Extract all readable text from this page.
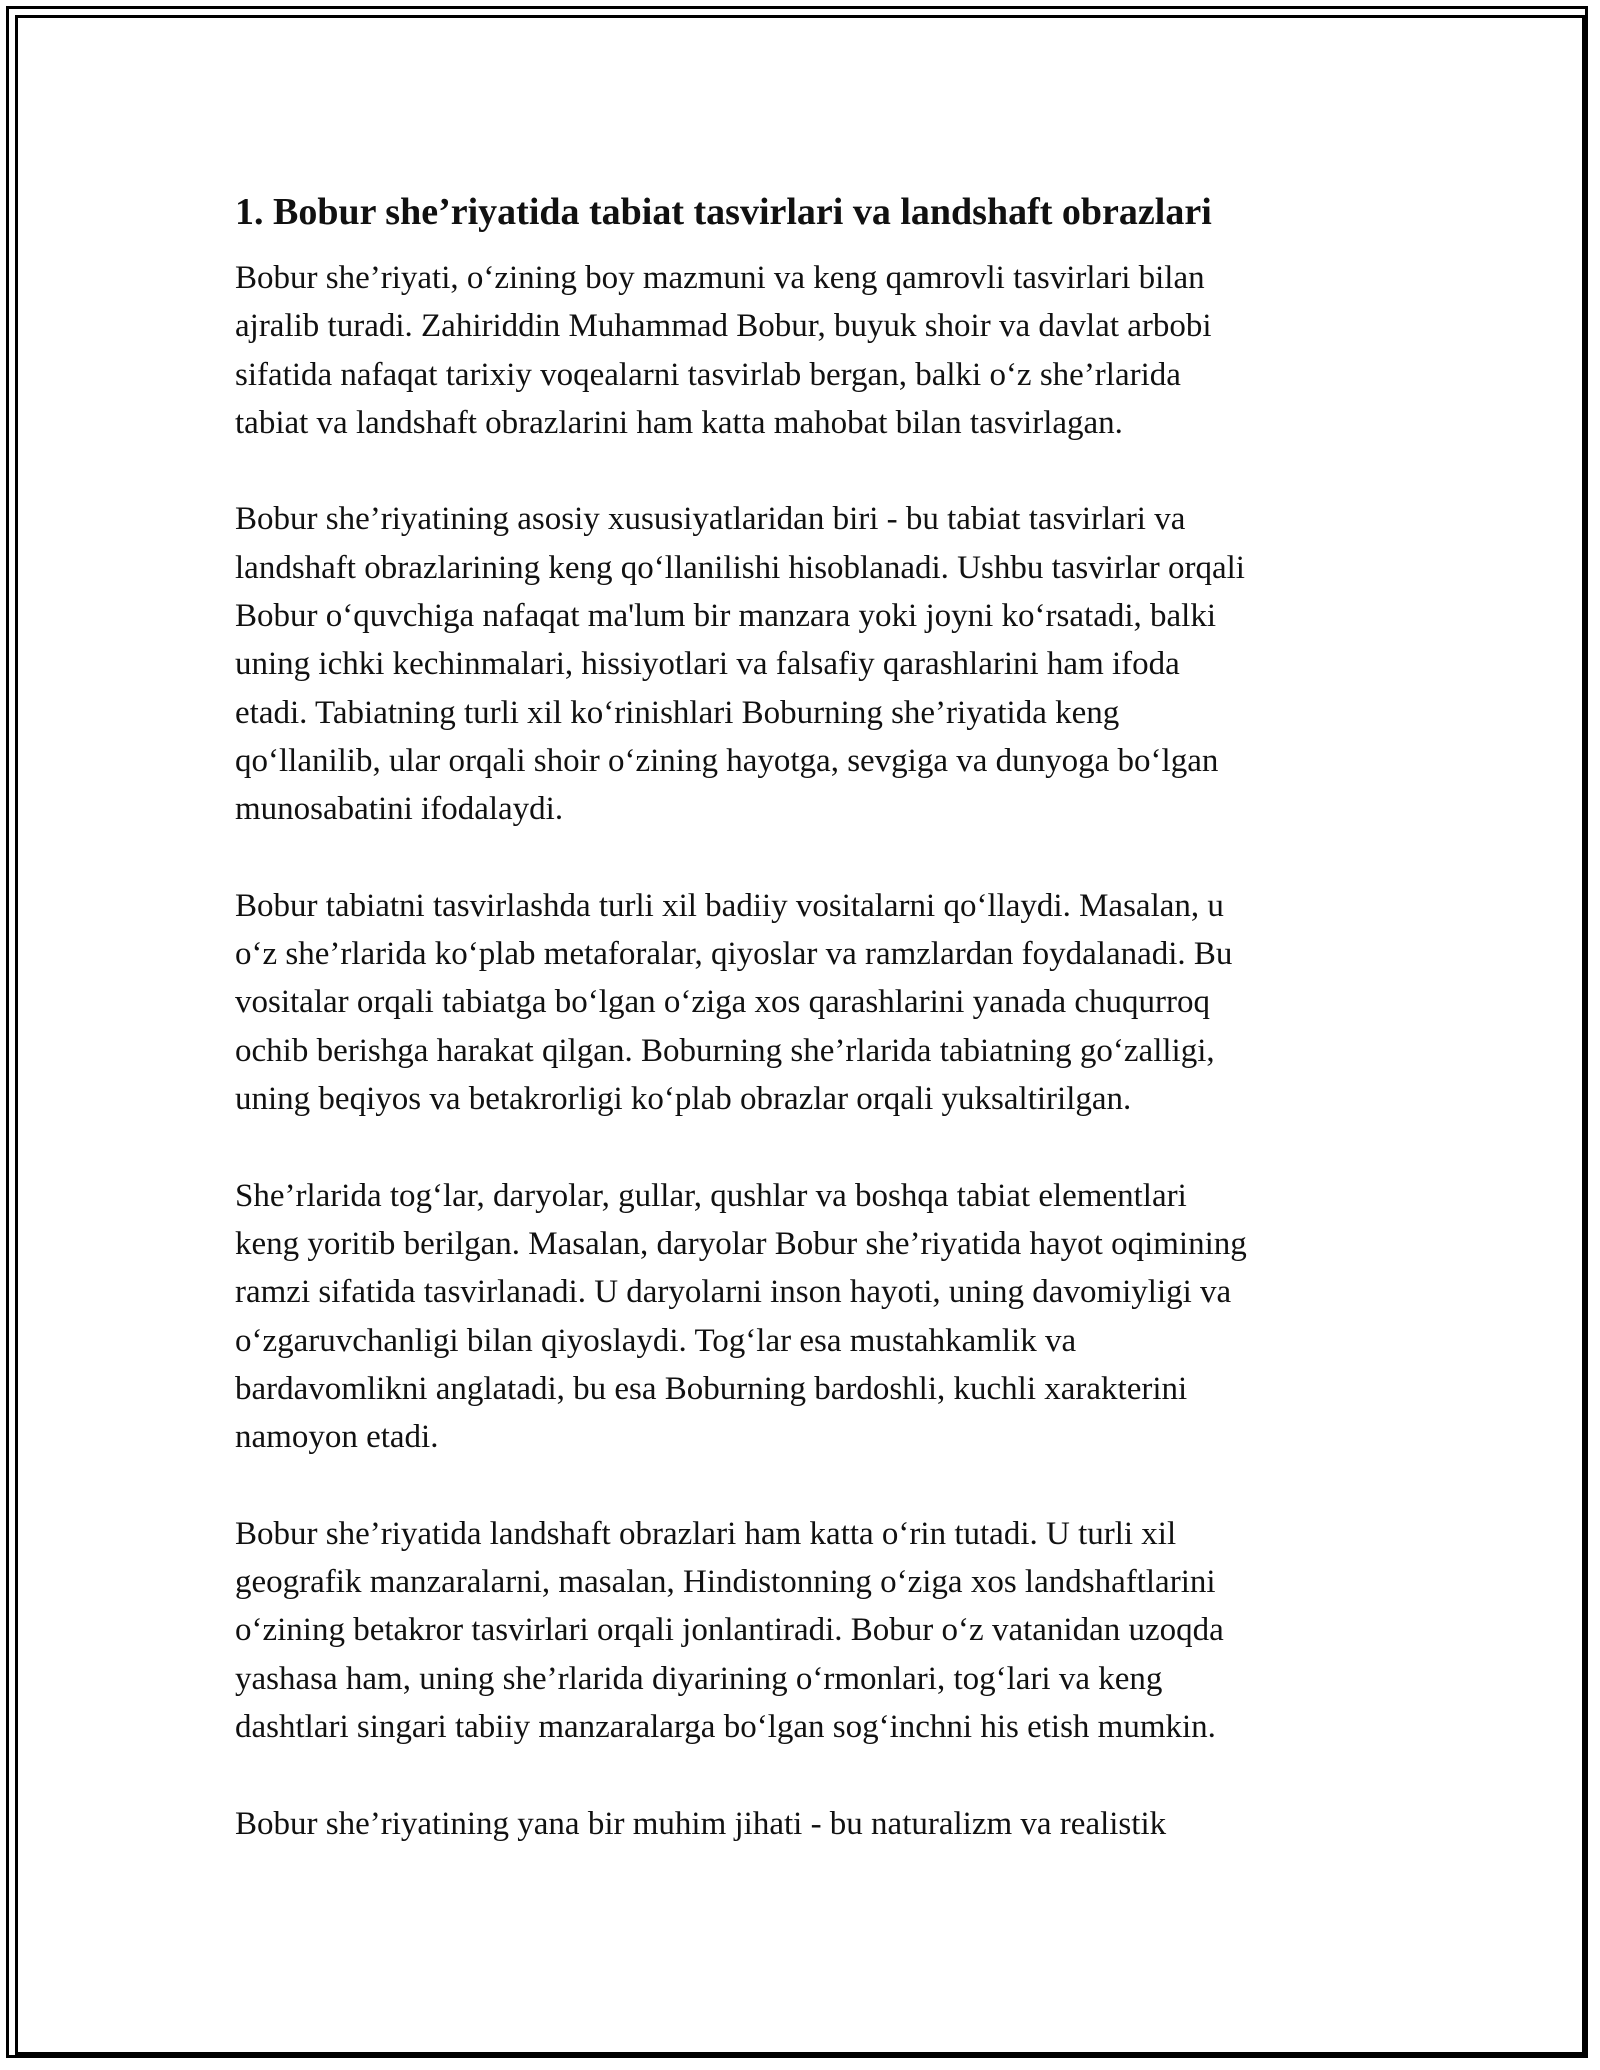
1. Bobur she’riyatida tabiat tasvirlari va landshaft obrazlari
Bobur she’riyati, o‘zining boy mazmuni va keng qamrovli tasvirlari bilan
ajralib turadi. Zahiriddin Muhammad Bobur, buyuk shoir va davlat arbobi
sifatida nafaqat tarixiy voqealarni tasvirlab bergan, balki o‘z she’rlarida
tabiat va landshaft obrazlarini ham katta mahobat bilan tasvirlagan.
Bobur she’riyatining asosiy xususiyatlaridan biri - bu tabiat tasvirlari va
landshaft obrazlarining keng qo‘llanilishi hisoblanadi. Ushbu tasvirlar orqali
Bobur o‘quvchiga nafaqat ma'lum bir manzara yoki joyni ko‘rsatadi, balki
uning ichki kechinmalari, hissiyotlari va falsafiy qarashlarini ham ifoda
etadi. Tabiatning turli xil ko‘rinishlari Boburning she’riyatida keng
qo‘llanilib, ular orqali shoir o‘zining hayotga, sevgiga va dunyoga bo‘lgan
munosabatini ifodalaydi.
Bobur tabiatni tasvirlashda turli xil badiiy vositalarni qo‘llaydi. Masalan, u
o‘z she’rlarida ko‘plab metaforalar, qiyoslar va ramzlardan foydalanadi. Bu
vositalar orqali tabiatga bo‘lgan o‘ziga xos qarashlarini yanada chuqurroq
ochib berishga harakat qilgan. Boburning she’rlarida tabiatning go‘zalligi,
uning beqiyos va betakrorligi ko‘plab obrazlar orqali yuksaltirilgan.
She’rlarida tog‘lar, daryolar, gullar, qushlar va boshqa tabiat elementlari
keng yoritib berilgan. Masalan, daryolar Bobur she’riyatida hayot oqimining
ramzi sifatida tasvirlanadi. U daryolarni inson hayoti, uning davomiyligi va
o‘zgaruvchanligi bilan qiyoslaydi. Tog‘lar esa mustahkamlik va
bardavomlikni anglatadi, bu esa Boburning bardoshli, kuchli xarakterini
namoyon etadi.
Bobur she’riyatida landshaft obrazlari ham katta o‘rin tutadi. U turli xil
geografik manzaralarni, masalan, Hindistonning o‘ziga xos landshaftlarini
o‘zining betakror tasvirlari orqali jonlantiradi. Bobur o‘z vatanidan uzoqda
yashasa ham, uning she’rlarida diyarining o‘rmonlari, tog‘lari va keng
dashtlari singari tabiiy manzaralarga bo‘lgan sog‘inchni his etish mumkin.
Bobur she’riyatining yana bir muhim jihati - bu naturalizm va realistik
